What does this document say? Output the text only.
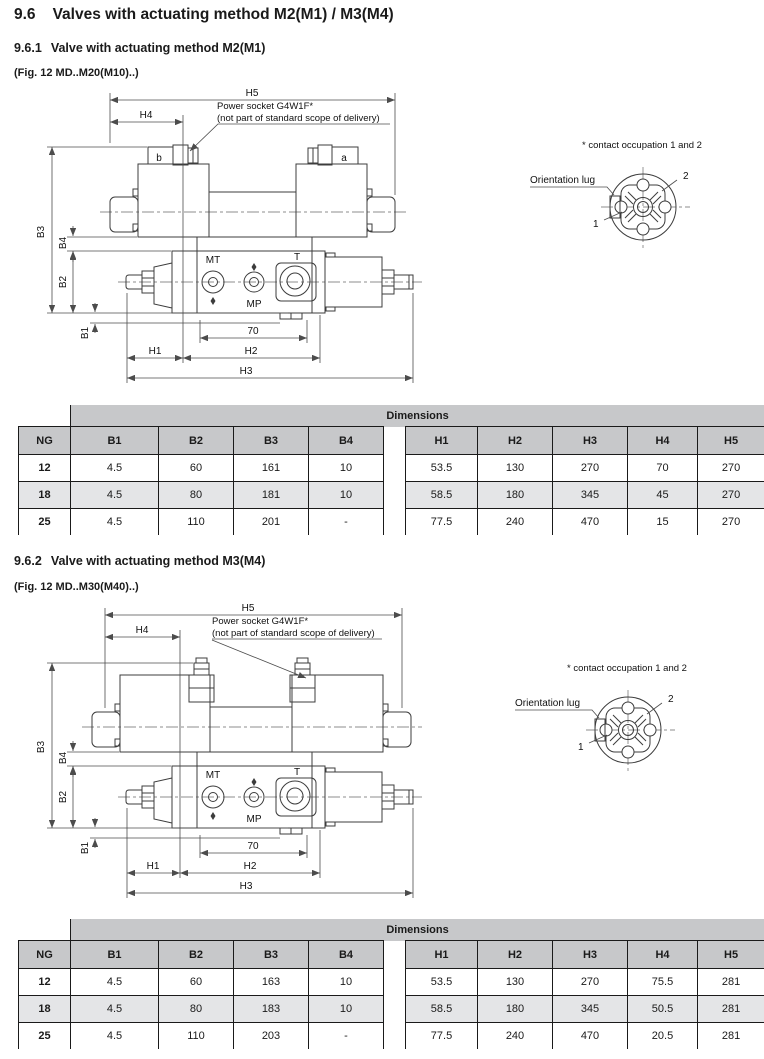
9.6 Valves with actuating method M2(M1) / M3(M4)
9.6.1 Valve with actuating method M2(M1)
(Fig. 12 MD..M20(M10)..)
b	a
MT
MP
T
H5
H4
Power socket G4W1F*
(not part of standard scope of delivery)
B3
B4
B2
B1	70
H1	H2
H3
* contact occupation 1 and 2
Orientation lug	2
1
	Dimensions									
NG	B1	B2	B3	B4		H1	H2	H3	H4	H5
12	4.5	60	161	10		53.5	130	270	70	270
18	4.5	80	181	10		58.5	180	345	45	270
25	4.5	110	201	-		77.5	240	470	15	270
9.6.2 Valve with actuating method M3(M4)
(Fig. 12 MD..M30(M40)..)
MT
MP
T
H5
H4
Power socket G4W1F*
(not part of standard scope of delivery)
B3
B4
B2
B1	70
H1	H2
H3
* contact occupation 1 and 2
Orientation lug	2
1
	Dimensions									
NG	B1	B2	B3	B4		H1	H2	H3	H4	H5
12	4.5	60	163	10		53.5	130	270	75.5	281
18	4.5	80	183	10		58.5	180	345	50.5	281
25	4.5	110	203	-		77.5	240	470	20.5	281
